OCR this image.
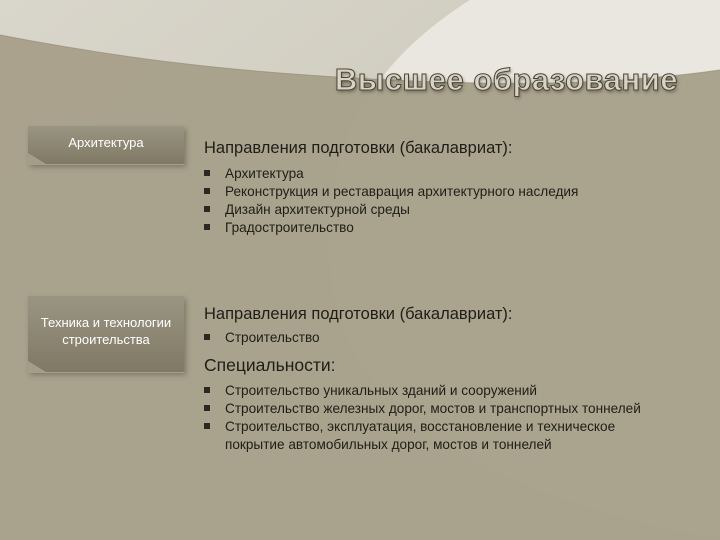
Высшее образование
Архитектура
Техника и технологии строительства

Направления подготовки (бакалавриат):

Архитектура
Реконструкция и реставрация архитектурного наследия
Дизайн архитектурной среды
Градостроительство

Направления подготовки (бакалавриат):

Строительство

Специальности:

Строительство уникальных зданий и сооружений
Строительство железных дорог, мостов и транспортных тоннелей
Строительство, эксплуатация, восстановление и техническое покрытие автомобильных дорог, мостов и тоннелей
